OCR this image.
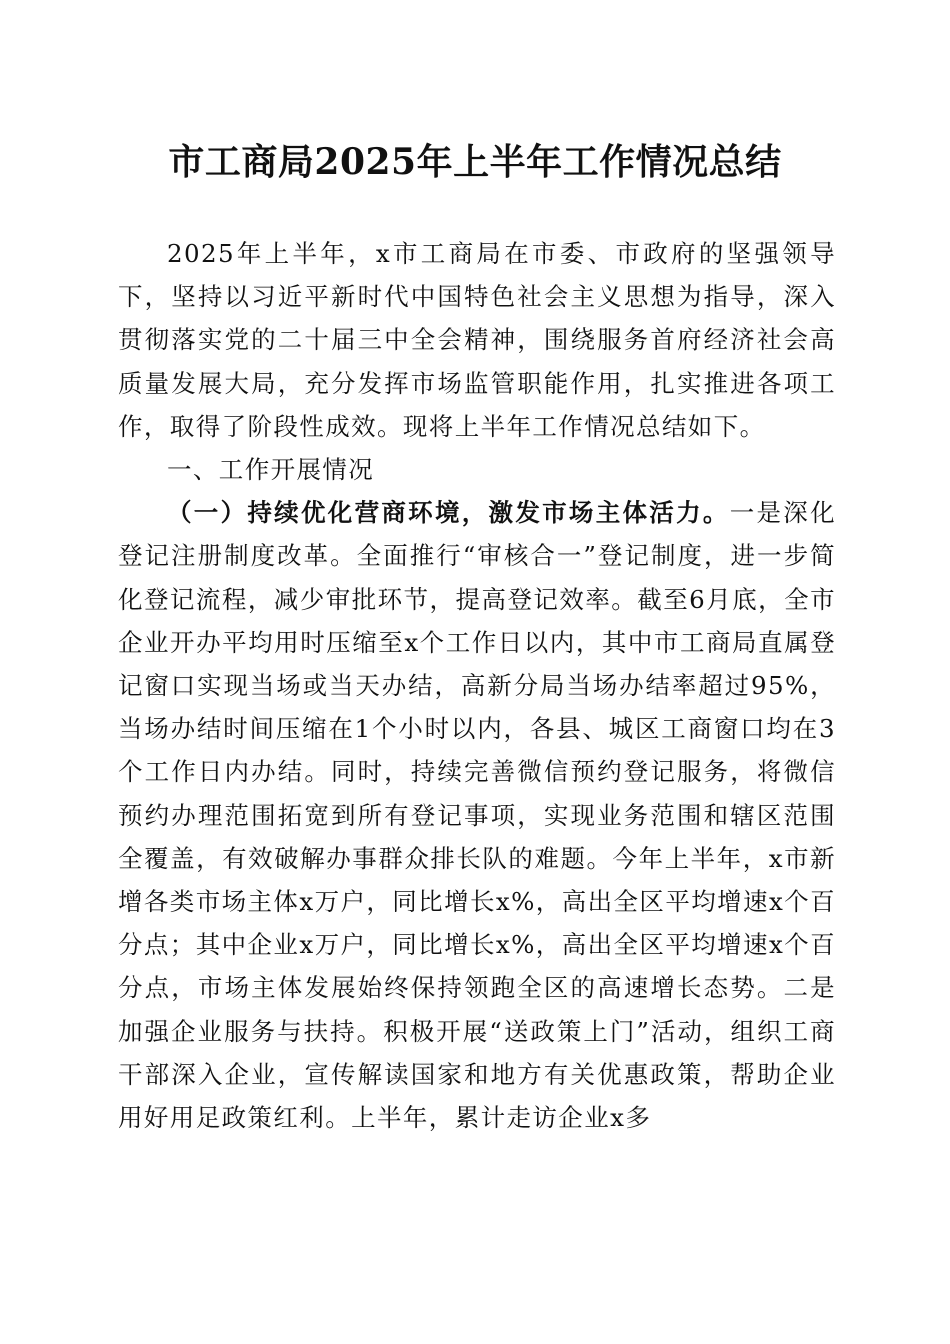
市工商局2025年上半年工作情况总结

2025年上半年，x市工商局在市委、市政府的坚强领导下，坚持以习近平新时代中国特色社会主义思想为指导，深入贯彻落实党的二十届三中全会精神，围绕服务首府经济社会高质量发展大局，充分发挥市场监管职能作用，扎实推进各项工作，取得了阶段性成效。现将上半年工作情况总结如下。

一、工作开展情况

（一）持续优化营商环境，激发市场主体活力。一是深化登记注册制度改革。全面推行“审核合一”登记制度，进一步简化登记流程，减少审批环节，提高登记效率。截至6月底，全市企业开办平均用时压缩至x个工作日以内，其中市工商局直属登记窗口实现当场或当天办结，高新分局当场办结率超过95%，当场办结时间压缩在1个小时以内，各县、城区工商窗口均在3个工作日内办结。同时，持续完善微信预约登记服务，将微信预约办理范围拓宽到所有登记事项，实现业务范围和辖区范围全覆盖，有效破解办事群众排长队的难题。今年上半年，x市新增各类市场主体x万户，同比增长x%，高出全区平均增速x个百分点；其中企业x万户，同比增长x%，高出全区平均增速x个百分点，市场主体发展始终保持领跑全区的高速增长态势。二是加强企业服务与扶持。积极开展“送政策上门”活动，组织工商干部深入企业，宣传解读国家和地方有关优惠政策，帮助企业用好用足政策红利。上半年，累计走访企业x多
